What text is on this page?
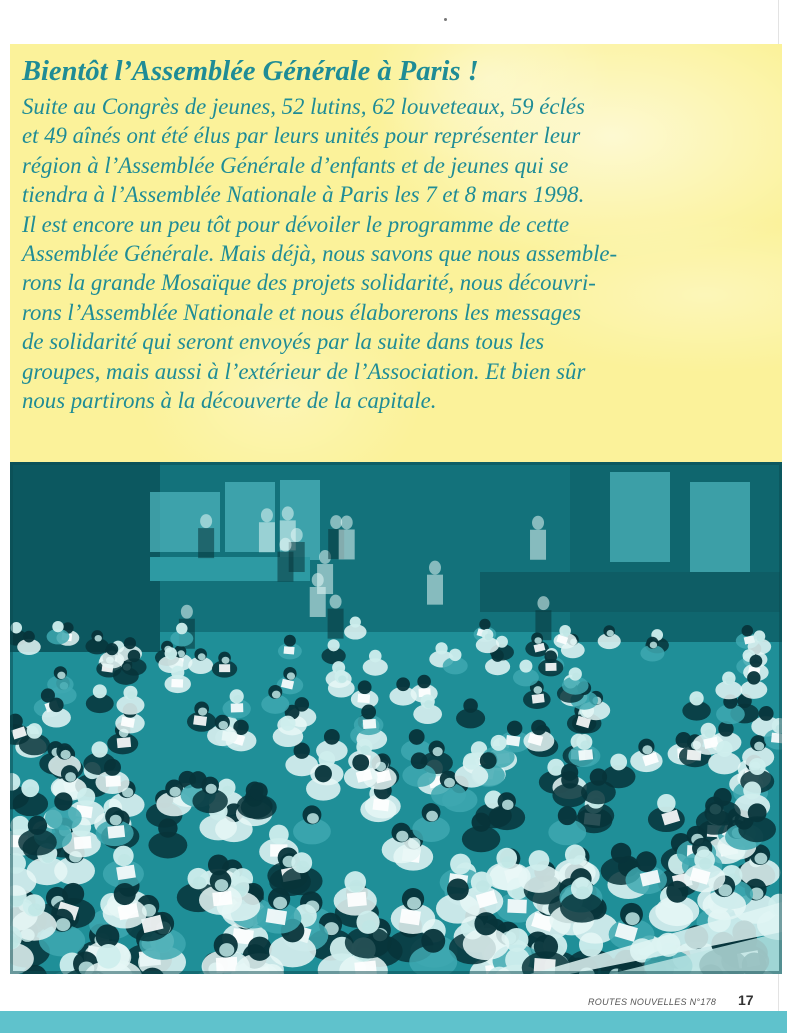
Bientôt l’Assemblée Générale à Paris !
Suite au Congrès de jeunes, 52 lutins, 62 louveteaux, 59 éclés
et 49 aînés ont été élus par leurs unités pour représenter leur
région à l’Assemblée Générale d’enfants et de jeunes qui se
tiendra à l’Assemblée Nationale à Paris les 7 et 8 mars 1998.
Il est encore un peu tôt pour dévoiler le programme de cette
Assemblée Générale. Mais déjà, nous savons que nous assemble-
rons la grande Mosaïque des projets solidarité, nous découvri-
rons l’Assemblée Nationale et nous élaborerons les messages
de solidarité qui seront envoyés par la suite dans tous les
groupes, mais aussi à l’extérieur de l’Association. Et bien sûr
nous partirons à la découverte de la capitale.
ROUTES NOUVELLES N°178 17
